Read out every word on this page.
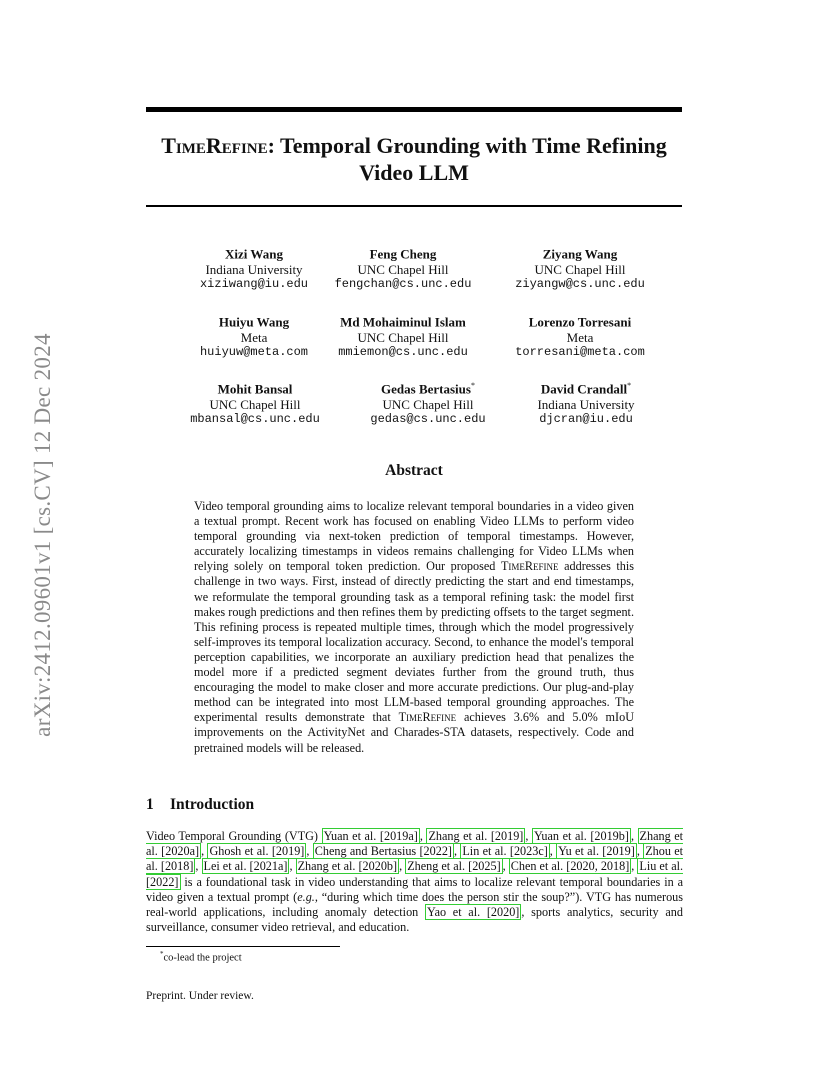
arXiv:2412.09601v1 [cs.CV] 12 Dec 2024
TimeRefine: Temporal Grounding with Time Refining Video LLM
Xizi Wang
Indiana University
xiziwang@iu.edu
Feng Cheng
UNC Chapel Hill
fengchan@cs.unc.edu
Ziyang Wang
UNC Chapel Hill
ziyangw@cs.unc.edu
Huiyu Wang
Meta
huiyuw@meta.com
Md Mohaiminul Islam
UNC Chapel Hill
mmiemon@cs.unc.edu
Lorenzo Torresani
Meta
torresani@meta.com
Mohit Bansal
UNC Chapel Hill
mbansal@cs.unc.edu
Gedas Bertasius*
UNC Chapel Hill
gedas@cs.unc.edu
David Crandall*
Indiana University
djcran@iu.edu
Abstract

Video temporal grounding aims to localize relevant temporal boundaries in a video given a textual prompt. Recent work has focused on enabling Video LLMs to perform video temporal grounding via next-token prediction of temporal timestamps. However, accurately localizing timestamps in videos remains challenging for Video LLMs when relying solely on temporal token prediction. Our proposed TimeRefine addresses this challenge in two ways. First, instead of directly predicting the start and end timestamps, we reformulate the temporal grounding task as a temporal refining task: the model first makes rough predictions and then refines them by predicting offsets to the target segment. This refining process is repeated multiple times, through which the model progressively self-improves its temporal localization accuracy. Second, to enhance the model's temporal perception capabilities, we incorporate an auxiliary prediction head that penalizes the model more if a predicted segment deviates further from the ground truth, thus encouraging the model to make closer and more accurate predictions. Our plug-and-play method can be integrated into most LLM-based temporal grounding approaches. The experimental results demonstrate that TimeRefine achieves 3.6% and 5.0% mIoU improvements on the ActivityNet and Charades-STA datasets, respectively. Code and pretrained models will be released.

1 Introduction

Video Temporal Grounding (VTG) Yuan et al. [2019a] , Zhang et al. [2019] , Yuan et al. [2019b] , Zhang et al. [2020a] , Ghosh et al. [2019] , Cheng and Bertasius [2022] , Lin et al. [2023c] , Yu et al. [2019] , Zhou et al. [2018] , Lei et al. [2021a] , Zhang et al. [2020b] , Zheng et al. [2025] , Chen et al. [2020, 2018] , Liu et al. [2022] is a foundational task in video understanding that aims to localize relevant temporal boundaries in a video given a textual prompt (e.g., “during which time does the person stir the soup?”). VTG has numerous real-world applications, including anomaly detection Yao et al. [2020] , sports analytics, security and surveillance, consumer video retrieval, and education.

*co-lead the project

Preprint. Under review.
